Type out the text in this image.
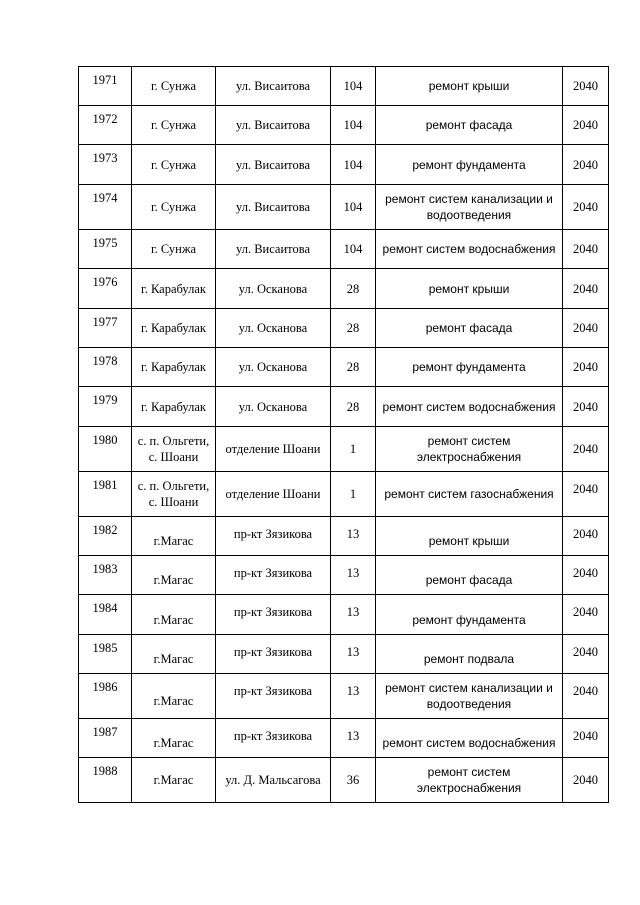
1971	г. Сунжа	ул. Висаитова	104	ремонт крыши	2040
1972	г. Сунжа	ул. Висаитова	104	ремонт фасада	2040
1973	г. Сунжа	ул. Висаитова	104	ремонт фундамента	2040
1974	г. Сунжа	ул. Висаитова	104	ремонт систем канализации и водоотведения	2040
1975	г. Сунжа	ул. Висаитова	104	ремонт систем водоснабжения	2040
1976	г. Карабулак	ул. Осканова	28	ремонт крыши	2040
1977	г. Карабулак	ул. Осканова	28	ремонт фасада	2040
1978	г. Карабулак	ул. Осканова	28	ремонт фундамента	2040
1979	г. Карабулак	ул. Осканова	28	ремонт систем водоснабжения	2040
1980	с. п. Ольгети, с. Шоани	отделение Шоани	1	ремонт систем электроснабжения	2040
1981	с. п. Ольгети, с. Шоани	отделение Шоани	1	ремонт систем газоснабжения	2040
1982	г.Магас	пр-кт Зязикова	13	ремонт крыши	2040
1983	г.Магас	пр-кт Зязикова	13	ремонт фасада	2040
1984	г.Магас	пр-кт Зязикова	13	ремонт фундамента	2040
1985	г.Магас	пр-кт Зязикова	13	ремонт подвала	2040
1986	г.Магас	пр-кт Зязикова	13	ремонт систем канализации и водоотведения	2040
1987	г.Магас	пр-кт Зязикова	13	ремонт систем водоснабжения	2040
1988	г.Магас	ул. Д. Мальсагова	36	ремонт систем электроснабжения	2040
